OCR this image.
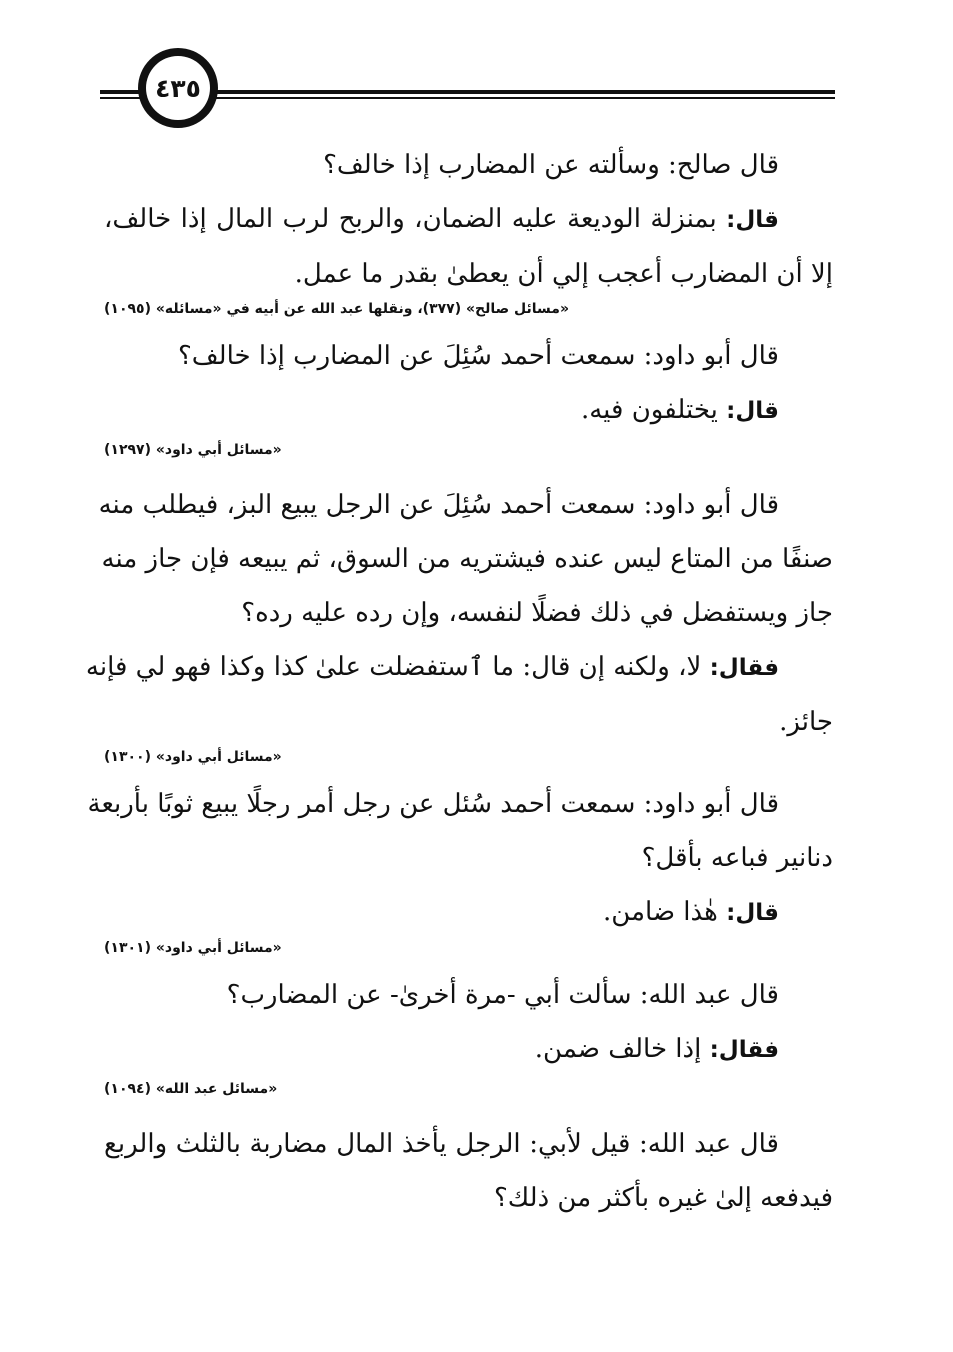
٤٣٥
قال صالح: وسألته عن المضارب إذا خالف؟
قال: بمنزلة الوديعة عليه الضمان، والربح لرب المال إذا خالف،
إلا أن المضارب أعجب إلي أن يعطىٰ بقدر ما عمل.
«مسائل صالح» (٣٧٧)، ونقلها عبد الله عن أبيه في «مسائله» (١٠٩٥)
قال أبو داود: سمعت أحمد سُئِلَ عن المضارب إذا خالف؟
قال: يختلفون فيه.
«مسائل أبي داود» (١٢٩٧)
قال أبو داود: سمعت أحمد سُئِلَ عن الرجل يبيع البز، فيطلب منه
صنفًا من المتاع ليس عنده فيشتريه من السوق، ثم يبيعه فإن جاز منه
جاز ويستفضل في ذلك فضلًا لنفسه، وإن رده عليه رده؟
فقال: لا، ولكنه إن قال: ما ٱستفضلت علىٰ كذا وكذا فهو لي فإنه
جائز.
«مسائل أبي داود» (١٣٠٠)
قال أبو داود: سمعت أحمد سُئل عن رجل أمر رجلًا يبيع ثوبًا بأربعة
دنانير فباعه بأقل؟
قال: هٰذا ضامن.
«مسائل أبي داود» (١٣٠١)
قال عبد الله: سألت أبي -مرة أخرىٰ- عن المضارب؟
فقال: إذا خالف ضمن.
«مسائل عبد الله» (١٠٩٤)
قال عبد الله: قيل لأبي: الرجل يأخذ المال مضاربة بالثلث والربع
فيدفعه إلىٰ غيره بأكثر من ذلك؟
